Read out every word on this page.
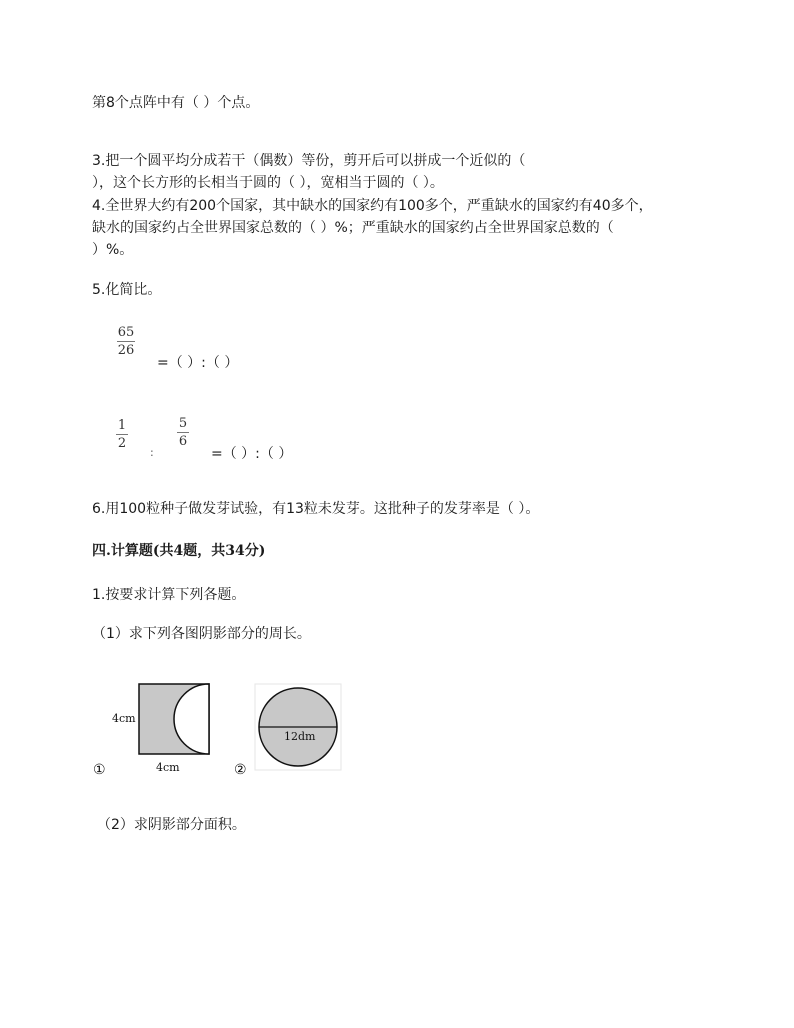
第8个点阵中有（ ）个点。
3.把一个圆平均分成若干（偶数）等份，剪开后可以拼成一个近似的（
），这个长方形的长相当于圆的（ ），宽相当于圆的（ ）。
4.全世界大约有200个国家，其中缺水的国家约有100多个，严重缺水的国家约有40多个，
缺水的国家约占全世界国家总数的（ ）%；严重缺水的国家约占全世界国家总数的（
）%。
5.化简比。
65
26
=（ ）:（ ）
1
2
:
5
6
=（ ）:（ ）
6.用100粒种子做发芽试验，有13粒未发芽。这批种子的发芽率是（ ）。
四.计算题(共4题，共34分)
1.按要求计算下列各题。
（1）求下列各图阴影部分的周长。
4cm
4cm
①
12dm
②
（2）求阴影部分面积。
